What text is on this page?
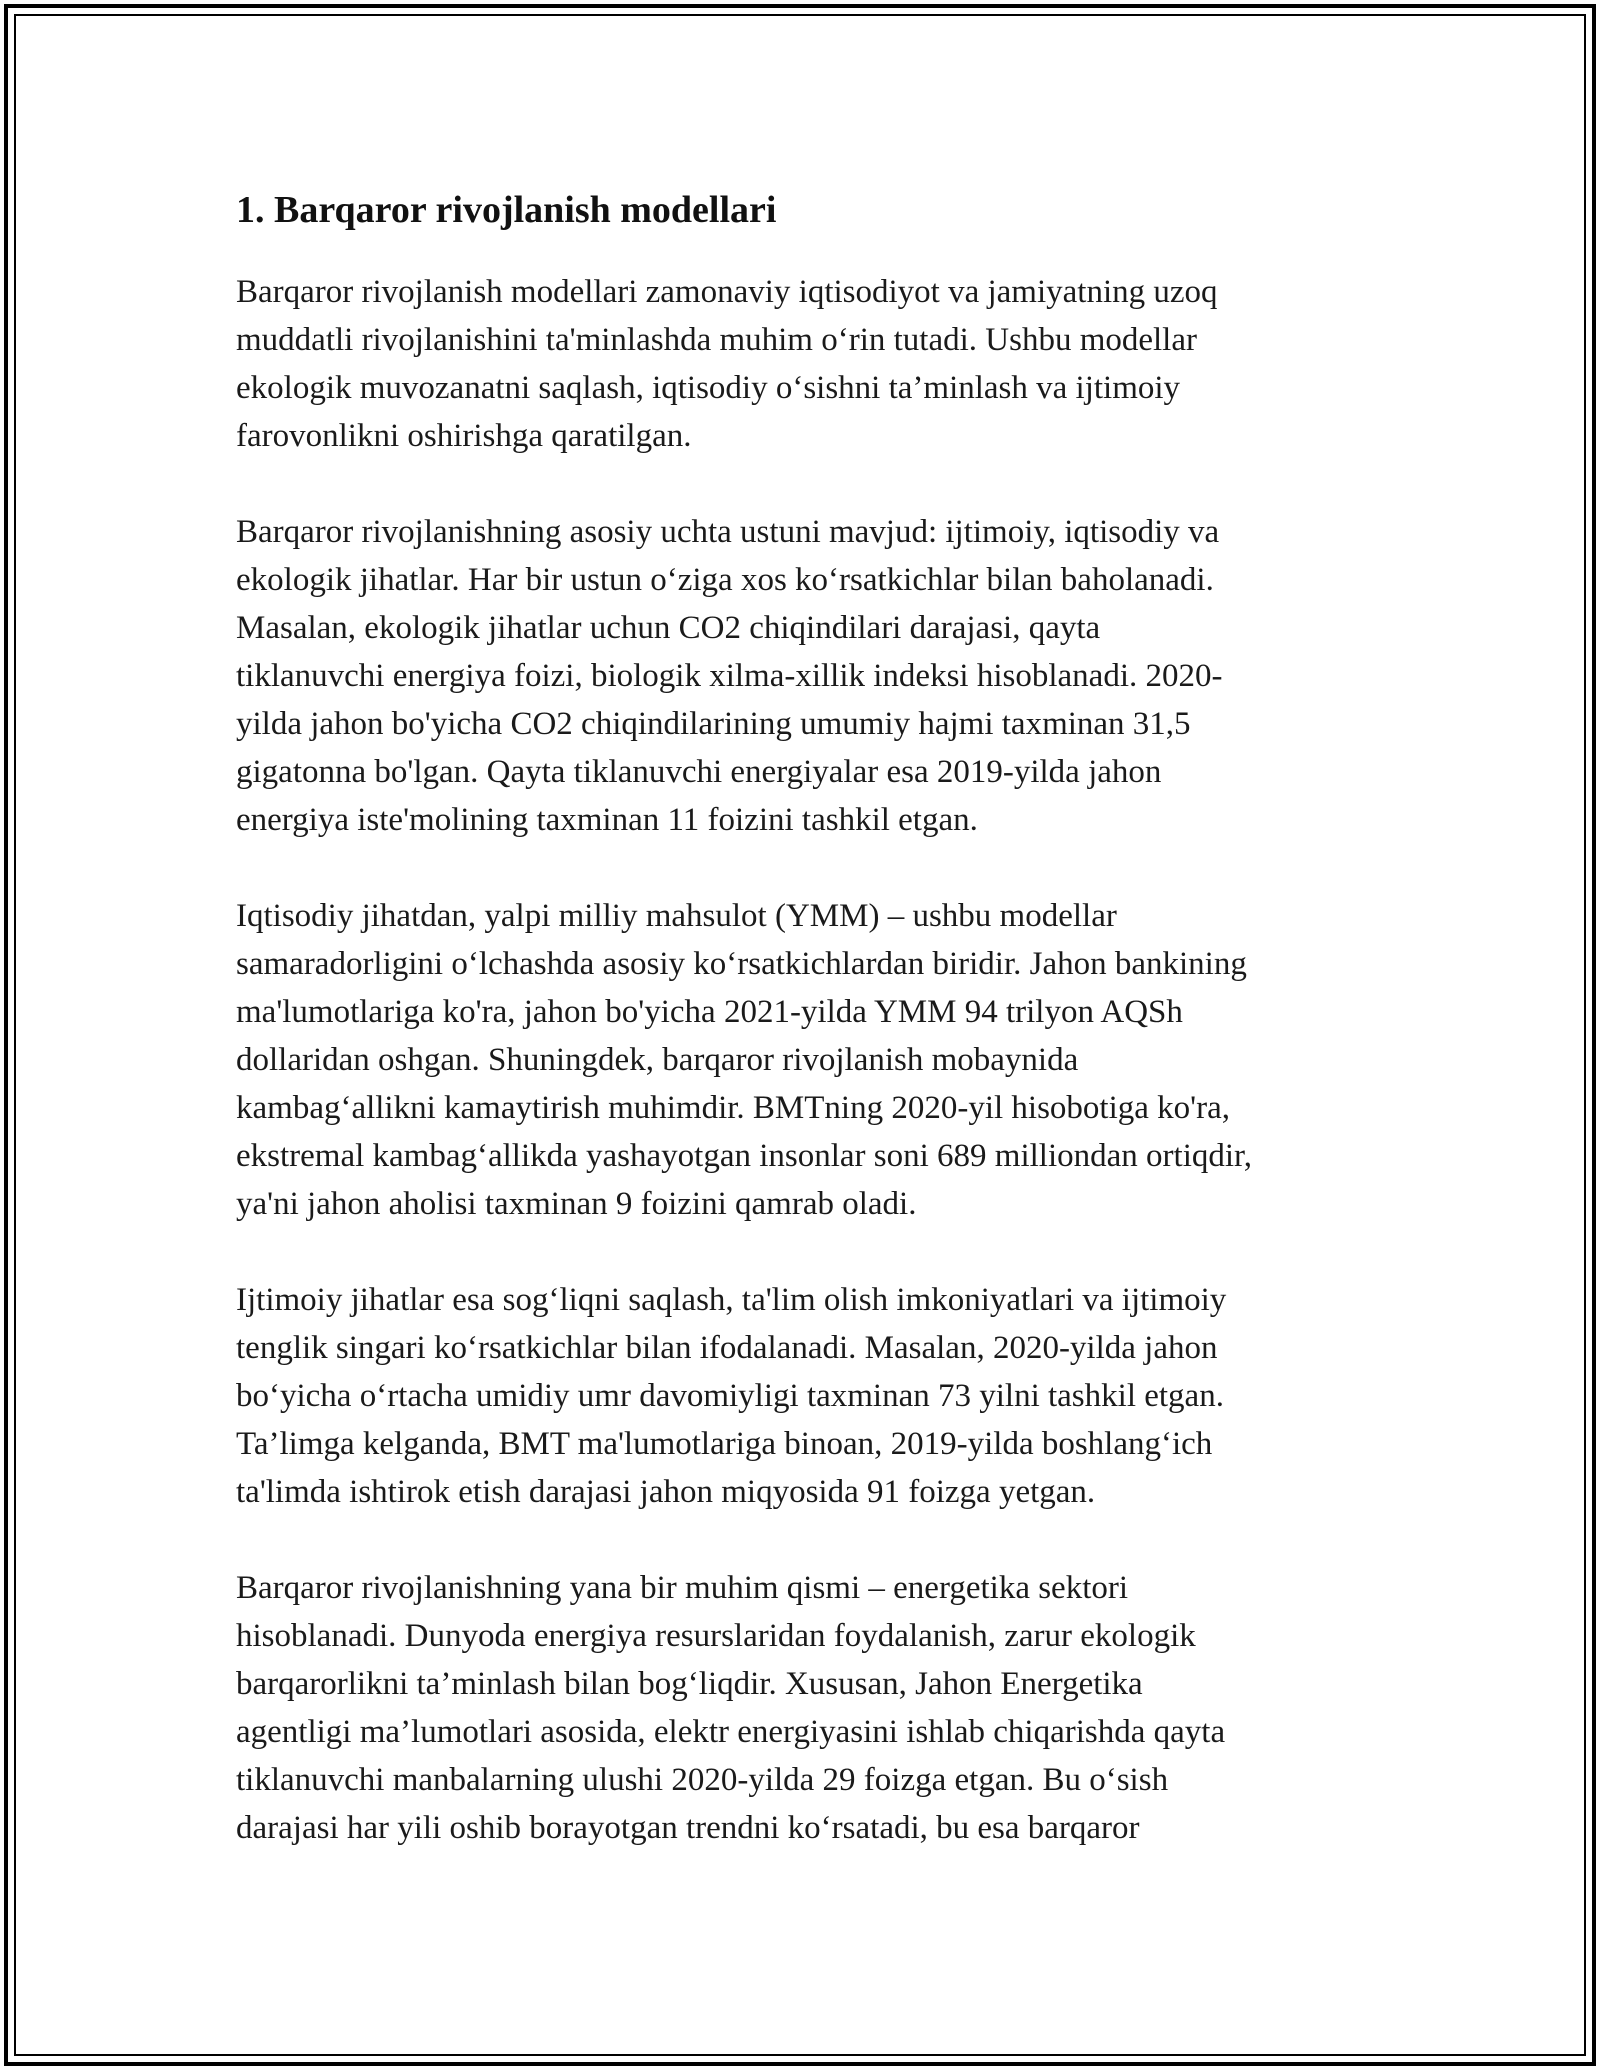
1. Barqaror rivojlanish modellari

Barqaror rivojlanish modellari zamonaviy iqtisodiyot va jamiyatning uzoq
muddatli rivojlanishini ta'minlashda muhim o‘rin tutadi. Ushbu modellar
ekologik muvozanatni saqlash, iqtisodiy o‘sishni ta’minlash va ijtimoiy
farovonlikni oshirishga qaratilgan.

Barqaror rivojlanishning asosiy uchta ustuni mavjud: ijtimoiy, iqtisodiy va
ekologik jihatlar. Har bir ustun o‘ziga xos ko‘rsatkichlar bilan baholanadi.
Masalan, ekologik jihatlar uchun CO2 chiqindilari darajasi, qayta
tiklanuvchi energiya foizi, biologik xilma-xillik indeksi hisoblanadi. 2020-
yilda jahon bo'yicha CO2 chiqindilarining umumiy hajmi taxminan 31,5
gigatonna bo'lgan. Qayta tiklanuvchi energiyalar esa 2019-yilda jahon
energiya iste'molining taxminan 11 foizini tashkil etgan.

Iqtisodiy jihatdan, yalpi milliy mahsulot (YMM) – ushbu modellar
samaradorligini o‘lchashda asosiy ko‘rsatkichlardan biridir. Jahon bankining
ma'lumotlariga ko'ra, jahon bo'yicha 2021-yilda YMM 94 trilyon AQSh
dollaridan oshgan. Shuningdek, barqaror rivojlanish mobaynida
kambag‘allikni kamaytirish muhimdir. BMTning 2020-yil hisobotiga ko'ra,
ekstremal kambag‘allikda yashayotgan insonlar soni 689 milliondan ortiqdir,
ya'ni jahon aholisi taxminan 9 foizini qamrab oladi.

Ijtimoiy jihatlar esa sog‘liqni saqlash, ta'lim olish imkoniyatlari va ijtimoiy
tenglik singari ko‘rsatkichlar bilan ifodalanadi. Masalan, 2020-yilda jahon
bo‘yicha o‘rtacha umidiy umr davomiyligi taxminan 73 yilni tashkil etgan.
Ta’limga kelganda, BMT ma'lumotlariga binoan, 2019-yilda boshlang‘ich
ta'limda ishtirok etish darajasi jahon miqyosida 91 foizga yetgan.

Barqaror rivojlanishning yana bir muhim qismi – energetika sektori
hisoblanadi. Dunyoda energiya resurslaridan foydalanish, zarur ekologik
barqarorlikni ta’minlash bilan bog‘liqdir. Xususan, Jahon Energetika
agentligi ma’lumotlari asosida, elektr energiyasini ishlab chiqarishda qayta
tiklanuvchi manbalarning ulushi 2020-yilda 29 foizga etgan. Bu o‘sish
darajasi har yili oshib borayotgan trendni ko‘rsatadi, bu esa barqaror
